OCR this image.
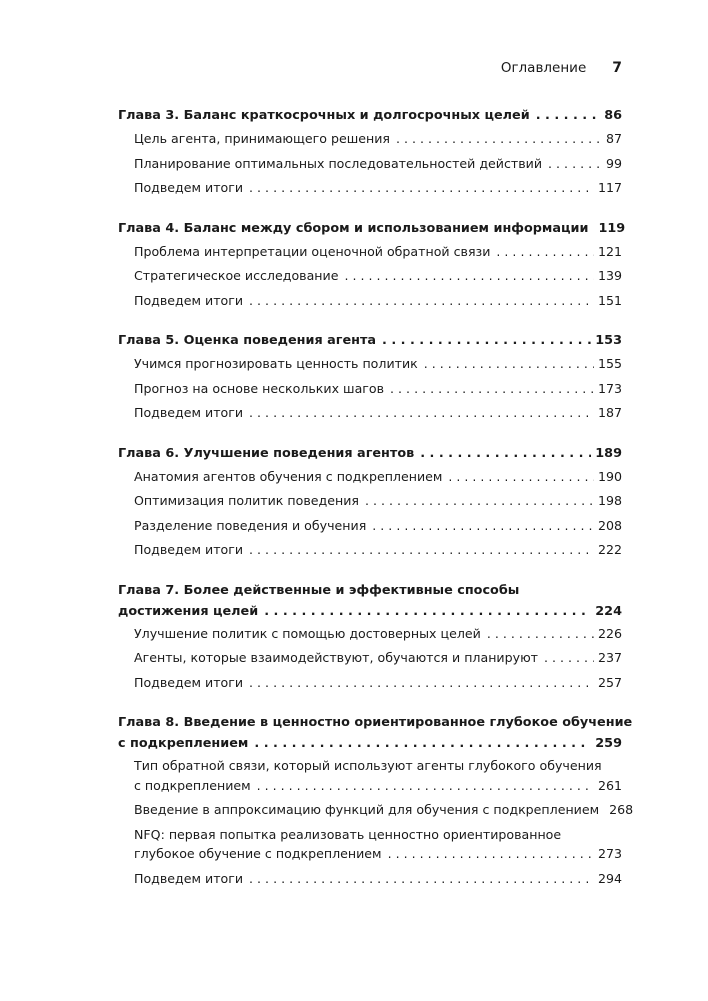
Оглавление 7
Глава 3. Баланс краткосрочных и долгосрочных целей . . .	86
Цель агента, принимающего решения . . .	87
Планирование оптимальных последовательностей действий . . .	99
Подведем итоги . . .	117
Глава 4. Баланс между сбором и использованием информации 119
Проблема интерпретации оценочной обратной связи . . .	121
Стратегическое исследование . . .	139
Подведем итоги . . .	151
Глава 5. Оценка поведения агента . . .	153
Учимся прогнозировать ценность политик . . .	155
Прогноз на основе нескольких шагов . . .	173
Подведем итоги . . .	187
Глава 6. Улучшение поведения агентов . . .	189
Анатомия агентов обучения с подкреплением . . .	190
Оптимизация политик поведения . . .	198
Разделение поведения и обучения . . .	208
Подведем итоги . . .	222
Глава 7. Более действенные и эффективные способы
достижения целей . . .	224
Улучшение политик с помощью достоверных целей . . .	226
Агенты, которые взаимодействуют, обучаются и планируют . . .	237
Подведем итоги . . .	257
Глава 8. Введение в ценностно ориентированное глубокое обучение
с подкреплением . . .	259
Тип обратной связи, который используют агенты глубокого обучения
с подкреплением . . .	261
Введение в аппроксимацию функций для обучения с подкреплением 268
NFQ: первая попытка реализовать ценностно ориентированное
глубокое обучение с подкреплением . . .	273
Подведем итоги . . .	294
